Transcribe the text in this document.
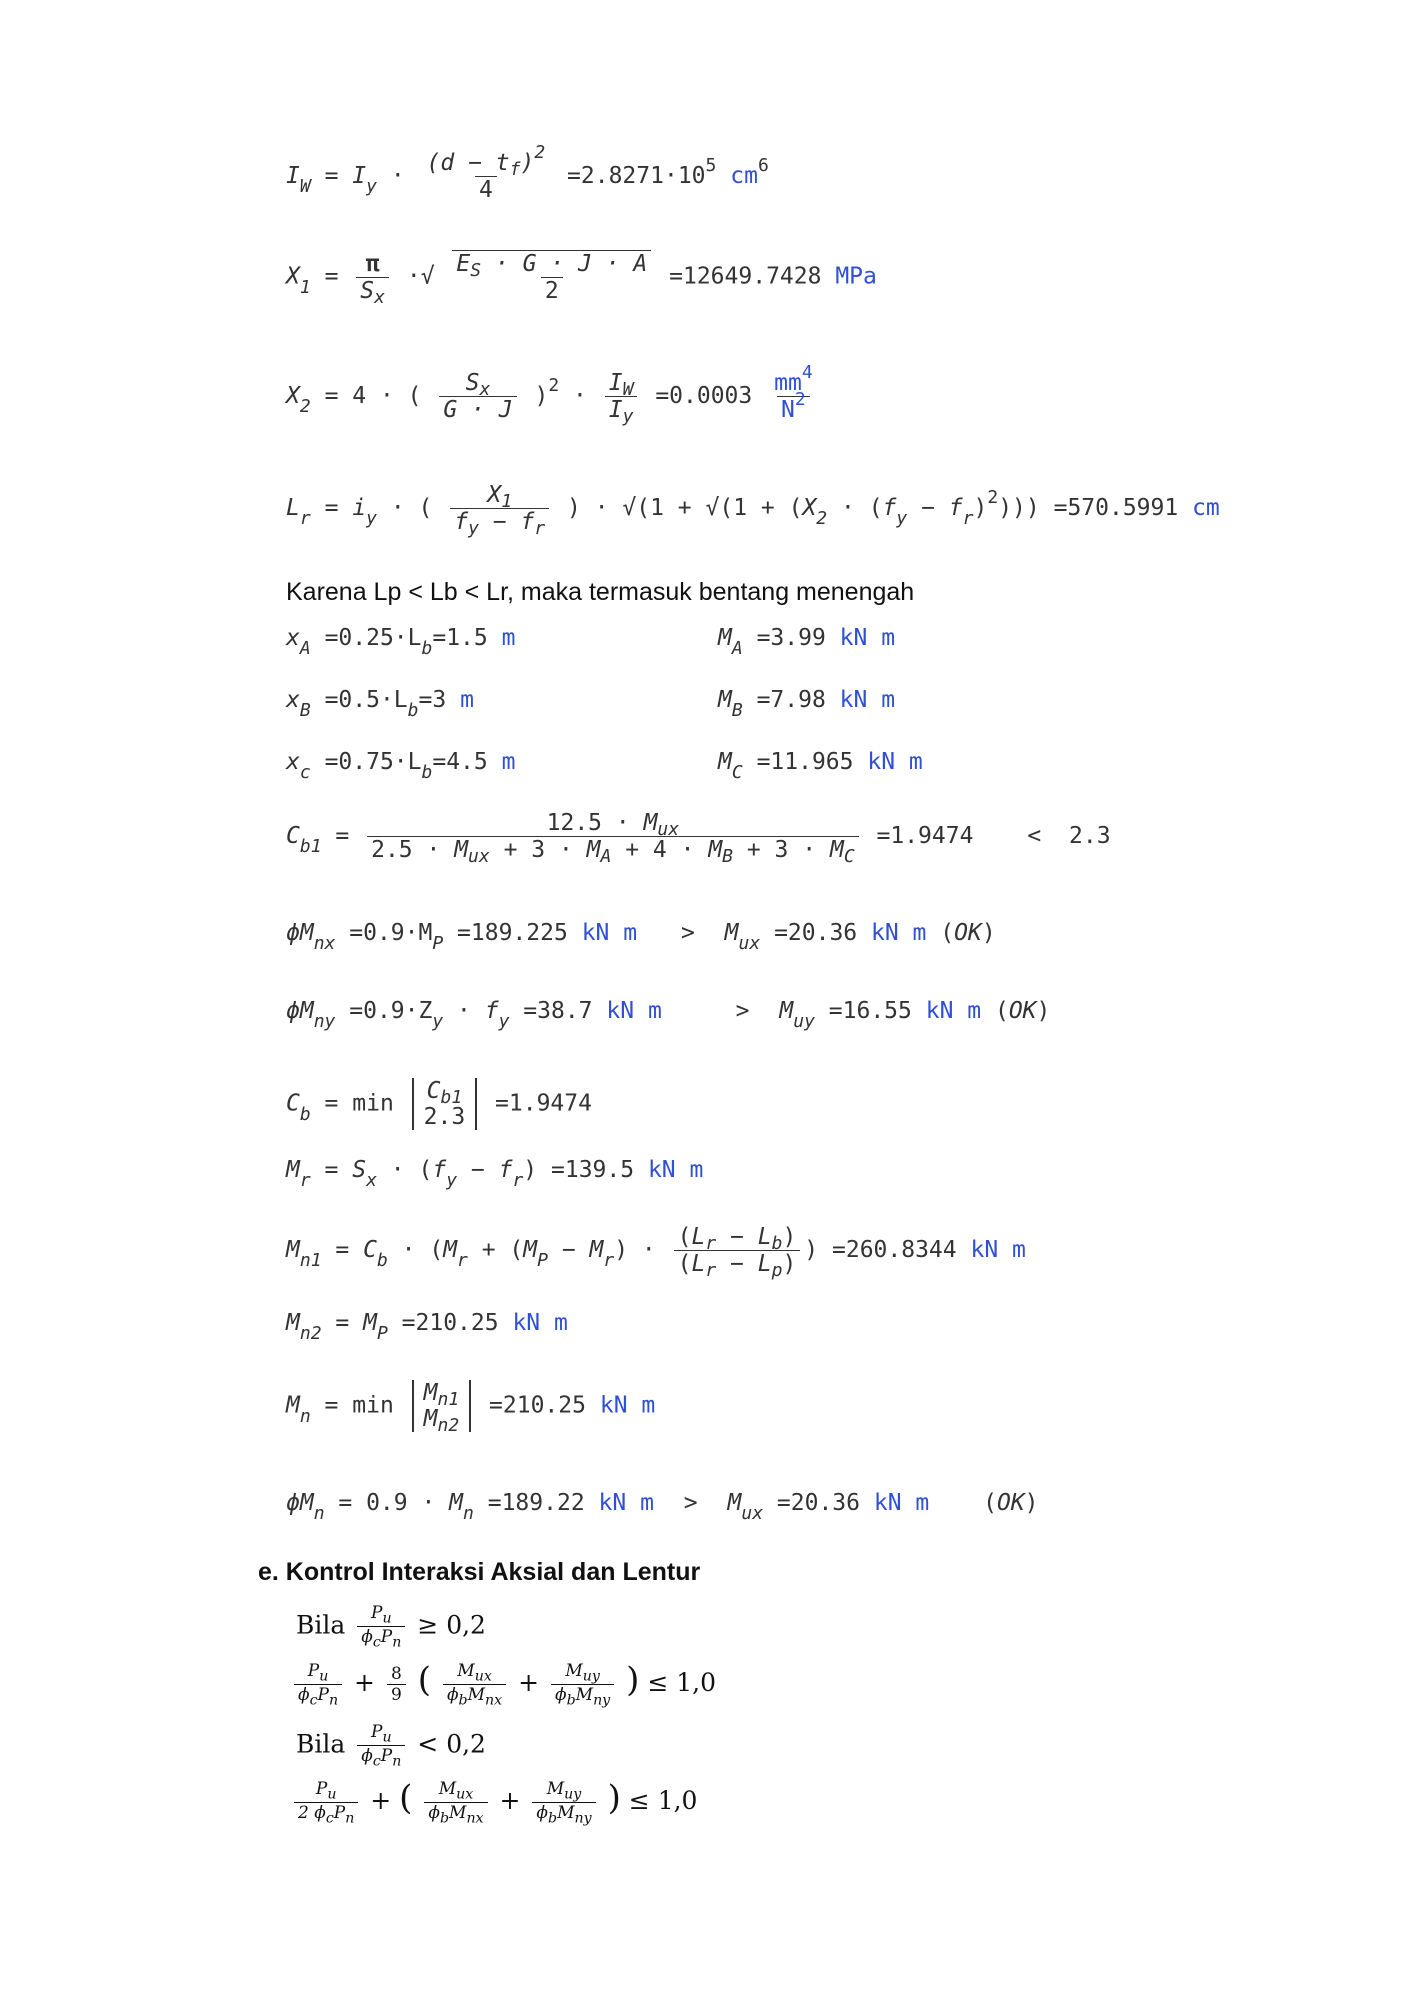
$I_W = I_y \cdot \frac{(d - t_f)^2}{4} =2.8271\cdot 10^5$ $cm^6$
$X_1 = \frac{\pi}{S_x}$ ·√ $\frac{E_S \cdot G \cdot J \cdot A}{2} =12649.7428$ MPa
$X_2 = 4$ · ( $\frac{S_x}{G \cdot J} )^2 \cdot \frac{I_W}{I_y} =0.0003 \frac{mm^4}{N^2}$
$L_r = i_y$ · ( $\frac{X_1}{f_y - f_r}$ ) · $√(1 + √(1 + (X_2 \cdot (f_y - f_r)^2))) =570.5991$ cm
Karena Lp < Lb < Lr, maka termasuk bentang menengah
$x_A =0.25\cdot L_b=1.5$ m	$M_A =3.99$ kN m
$x_B =0.5\cdot L_b=3$ m	$M_B =7.98$ kN m
$x_c =0.75\cdot L_b=4.5$ m	$M_C =11.965$ kN m
$C_{b1} = \frac{12.5 \cdot M_{ux}}{2.5 \cdot M_{ux} + 3 \cdot M_A + 4 \cdot M_B + 3 \cdot M_C} =1.9474 < 2.3$
$\phi M_{nx} =0.9\cdot M_P =189.225$ kN $m > M_{ux} =20.36$ kN m (OK)
$\phi M_{ny} =0.9\cdot Z_y \cdot f_y =38.7$ kN m	> $M_{uy} =16.55$ kN m (OK)
$C_b = \min C_{b1}$
2.3
=1.9474
$M_r = S_x \cdot (f_y - f_r) =139.5$ kN m
$M_{n1} = C_b \cdot (M_r + (M_P - M_r) \cdot \frac{(L_r - L_b)}{(L_r - L_p)}$ ) =260.8344 kN m
$M_{n2} = M_P =210.25$ kN m
$M_n = \min M_{n1}$
$M_{n2}$
=210.25 kN m
$\phi M_n = 0.9 \cdot M_n =189.22$ kN $m > M_{ux} =20.36$ kN m (OK)
e. Kontrol Interaksi Aksial dan Lentur
Bila $\frac{P_u}{\phi_cP_n} \ge 0,2$
$\frac{P_u}{\phi_cP_n} + \frac{8}{9}$ ( $\frac{M_{ux}}{\phi_bM_{nx}} + \frac{M_{uy}}{\phi_bM_{ny}}$ ) ≤ 1,0
Bila $\frac{P_u}{\phi_cP_n} < 0,2$
$\frac{P_u}{2 \phi_cP_n}$ + ( $\frac{M_{ux}}{\phi_bM_{nx}} + \frac{M_{uy}}{\phi_bM_{ny}}$ ) ≤ 1,0
